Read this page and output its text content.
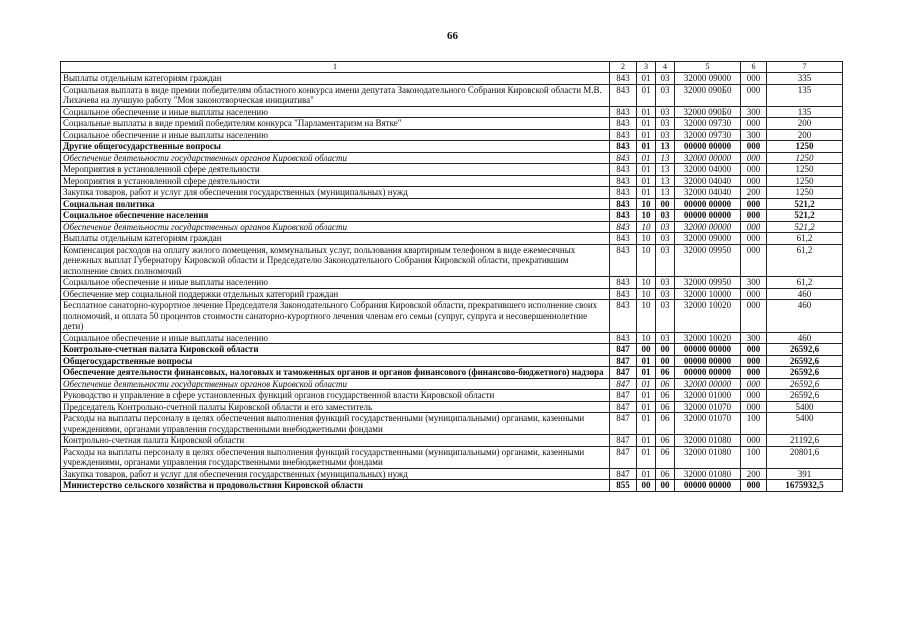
66
1	2	3	4	5	6	7
Выплаты отдельным категориям граждан	843	01	03	32000 09000	000	335
Социальная выплата в виде премии победителям областного конкурса имени депутата Законодательного Собрания Кировской области М.В. Лихачева на лучшую работу "Моя законотворческая инициатива"	843	01	03	32000 090Б0	000	135
Социальное обеспечение и иные выплаты населению	843	01	03	32000 090Б0	300	135
Социальные выплаты в виде премий победителям конкурса "Парламентаризм на Вятке"	843	01	03	32000 09730	000	200
Социальное обеспечение и иные выплаты населению	843	01	03	32000 09730	300	200
Другие общегосударственные вопросы	843	01	13	00000 00000	000	1250
Обеспечение деятельности государственных органов Кировской области	843	01	13	32000 00000	000	1250
Мероприятия в установленной сфере деятельности	843	01	13	32000 04000	000	1250
Мероприятия в установленной сфере деятельности	843	01	13	32000 04040	000	1250
Закупка товаров, работ и услуг для обеспечения государственных (муниципальных) нужд	843	01	13	32000 04040	200	1250
Социальная политика	843	10	00	00000 00000	000	521,2
Социальное обеспечение населения	843	10	03	00000 00000	000	521,2
Обеспечение деятельности государственных органов Кировской области	843	10	03	32000 00000	000	521,2
Выплаты отдельным категориям граждан	843	10	03	32000 09000	000	61,2
Компенсация расходов на оплату жилого помещения, коммунальных услуг, пользования квартирным телефоном в виде ежемесячных денежных выплат Губернатору Кировской области и Председателю Законодательного Собрания Кировской области, прекратившим исполнение своих полномочий	843	10	03	32000 09950	000	61,2
Социальное обеспечение и иные выплаты населению	843	10	03	32000 09950	300	61,2
Обеспечение мер социальной поддержки отдельных категорий граждан	843	10	03	32000 10000	000	460
Бесплатное санаторно-курортное лечение Председателя Законодательного Собрания Кировской области, прекратившего исполнение своих полномочий, и оплата 50 процентов стоимости санаторно-курортного лечения членам его семьи (супруг, супруга и несовершеннолетние дети)	843	10	03	32000 10020	000	460
Социальное обеспечение и иные выплаты населению	843	10	03	32000 10020	300	460
Контрольно-счетная палата Кировской области	847	00	00	00000 00000	000	26592,6
Общегосударственные вопросы	847	01	00	00000 00000	000	26592,6
Обеспечение деятельности финансовых, налоговых и таможенных органов и органов финансового (финансово-бюджетного) надзора	847	01	06	00000 00000	000	26592,6
Обеспечение деятельности государственных органов Кировской области	847	01	06	32000 00000	000	26592,6
Руководство и управление в сфере установленных функций органов государственной власти Кировской области	847	01	06	32000 01000	000	26592,6
Председатель Контрольно-счетной палаты Кировской области и его заместитель	847	01	06	32000 01070	000	5400
Расходы на выплаты персоналу в целях обеспечения выполнения функций государственными (муниципальными) органами, казенными учреждениями, органами управления государственными внебюджетными фондами	847	01	06	32000 01070	100	5400
Контрольно-счетная палата Кировской области	847	01	06	32000 01080	000	21192,6
Расходы на выплаты персоналу в целях обеспечения выполнения функций государственными (муниципальными) органами, казенными учреждениями, органами управления государственными внебюджетными фондами	847	01	06	32000 01080	100	20801,6
Закупка товаров, работ и услуг для обеспечения государственных (муниципальных) нужд	847	01	06	32000 01080	200	391
Министерство сельского хозяйства и продовольствия Кировской области	855	00	00	00000 00000	000	1675932,5
